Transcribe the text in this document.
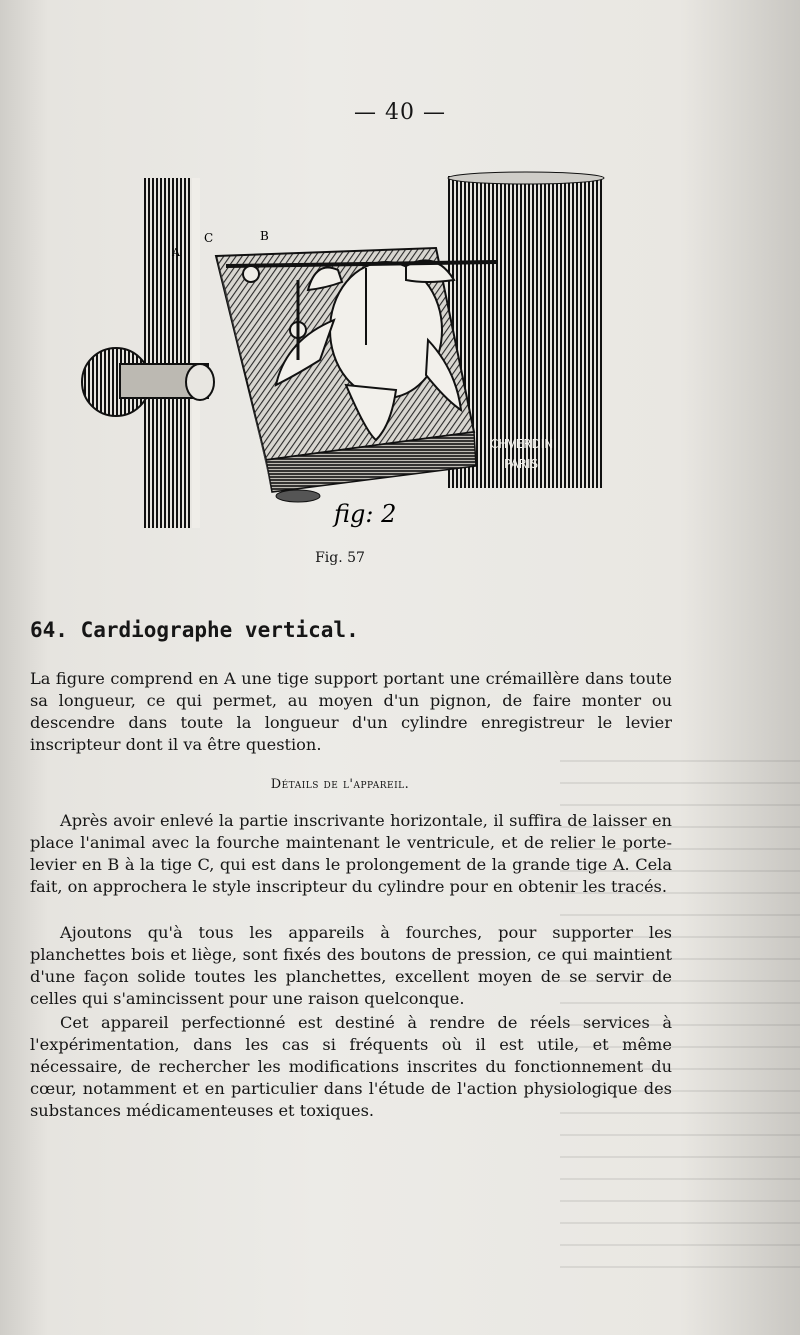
— 40 —
C	B
A
CHVERDIN
PARIS
fig: 2
Fig. 57
64. Cardiographe vertical.

La figure comprend en A une tige support portant une crémaillère dans toute sa longueur, ce qui permet, au moyen d'un pignon, de faire monter ou descendre dans toute la longueur d'un cylindre enregistreur le levier inscripteur dont il va être question.

Détails de l'appareil.

Après avoir enlevé la partie inscrivante horizontale, il suffira de laisser en place l'animal avec la fourche maintenant le ventricule, et de relier le porte-levier en B à la tige C, qui est dans le prolongement de la grande tige A. Cela fait, on approchera le style inscripteur du cylindre pour en obtenir les tracés.

Ajoutons qu'à tous les appareils à fourches, pour supporter les planchettes bois et liège, sont fixés des boutons de pression, ce qui maintient d'une façon solide toutes les planchettes, excellent moyen de se servir de celles qui s'amincissent pour une raison quelconque.

Cet appareil perfectionné est destiné à rendre de réels services à l'expérimentation, dans les cas si fréquents où il est utile, et même nécessaire, de rechercher les modifications inscrites du fonctionnement du cœur, notamment et en particulier dans l'étude de l'action physiologique des substances médicamenteuses et toxiques.
